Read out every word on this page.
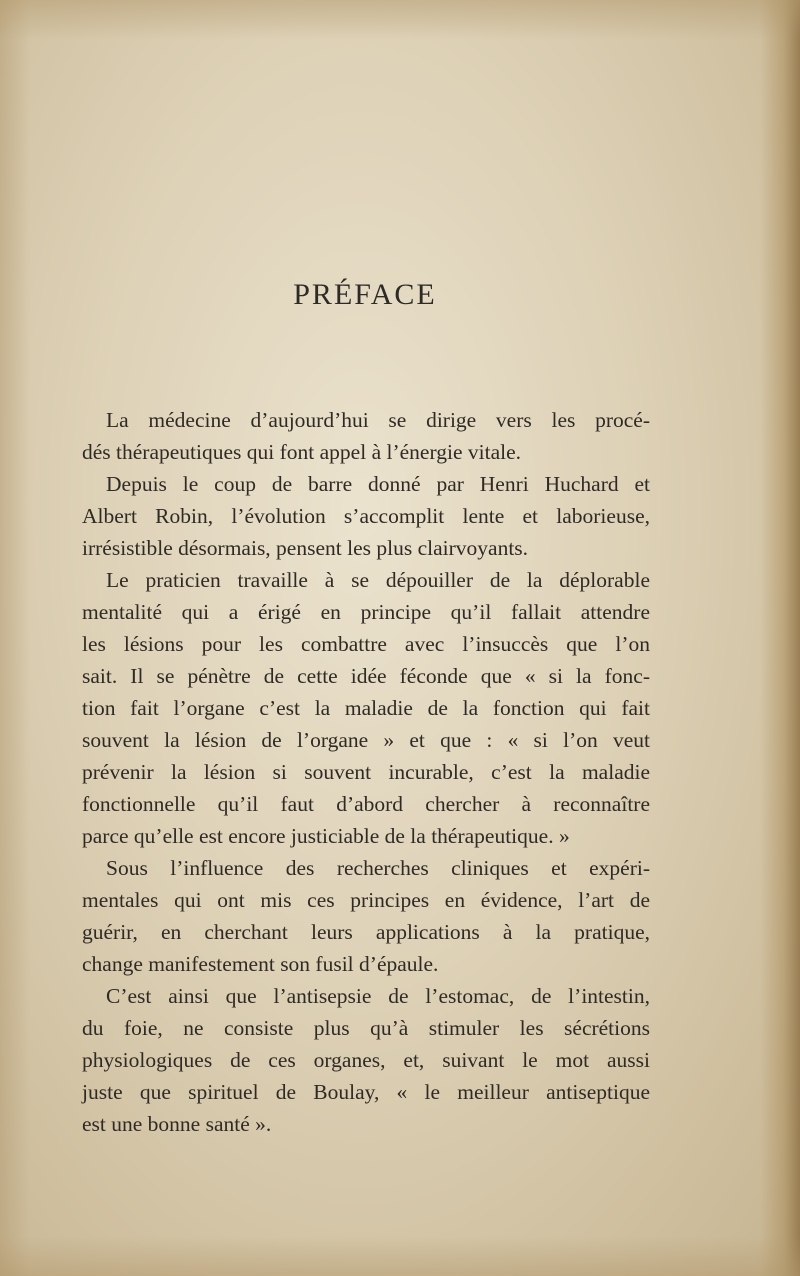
PRÉFACE
La médecine d’aujourd’hui se dirige vers les procé-
dés thérapeutiques qui font appel à l’énergie vitale.
Depuis le coup de barre donné par Henri Huchard et
Albert Robin, l’évolution s’accomplit lente et laborieuse,
irrésistible désormais, pensent les plus clairvoyants.
Le praticien travaille à se dépouiller de la déplorable
mentalité qui a érigé en principe qu’il fallait attendre
les lésions pour les combattre avec l’insuccès que l’on
sait. Il se pénètre de cette idée féconde que « si la fonc-
tion fait l’organe c’est la maladie de la fonction qui fait
souvent la lésion de l’organe » et que : « si l’on veut
prévenir la lésion si souvent incurable, c’est la maladie
fonctionnelle qu’il faut d’abord chercher à reconnaître
parce qu’elle est encore justiciable de la thérapeutique. »
Sous l’influence des recherches cliniques et expéri-
mentales qui ont mis ces principes en évidence, l’art de
guérir, en cherchant leurs applications à la pratique,
change manifestement son fusil d’épaule.
C’est ainsi que l’antisepsie de l’estomac, de l’intestin,
du foie, ne consiste plus qu’à stimuler les sécrétions
physiologiques de ces organes, et, suivant le mot aussi
juste que spirituel de Boulay, « le meilleur antiseptique
est une bonne santé ».
